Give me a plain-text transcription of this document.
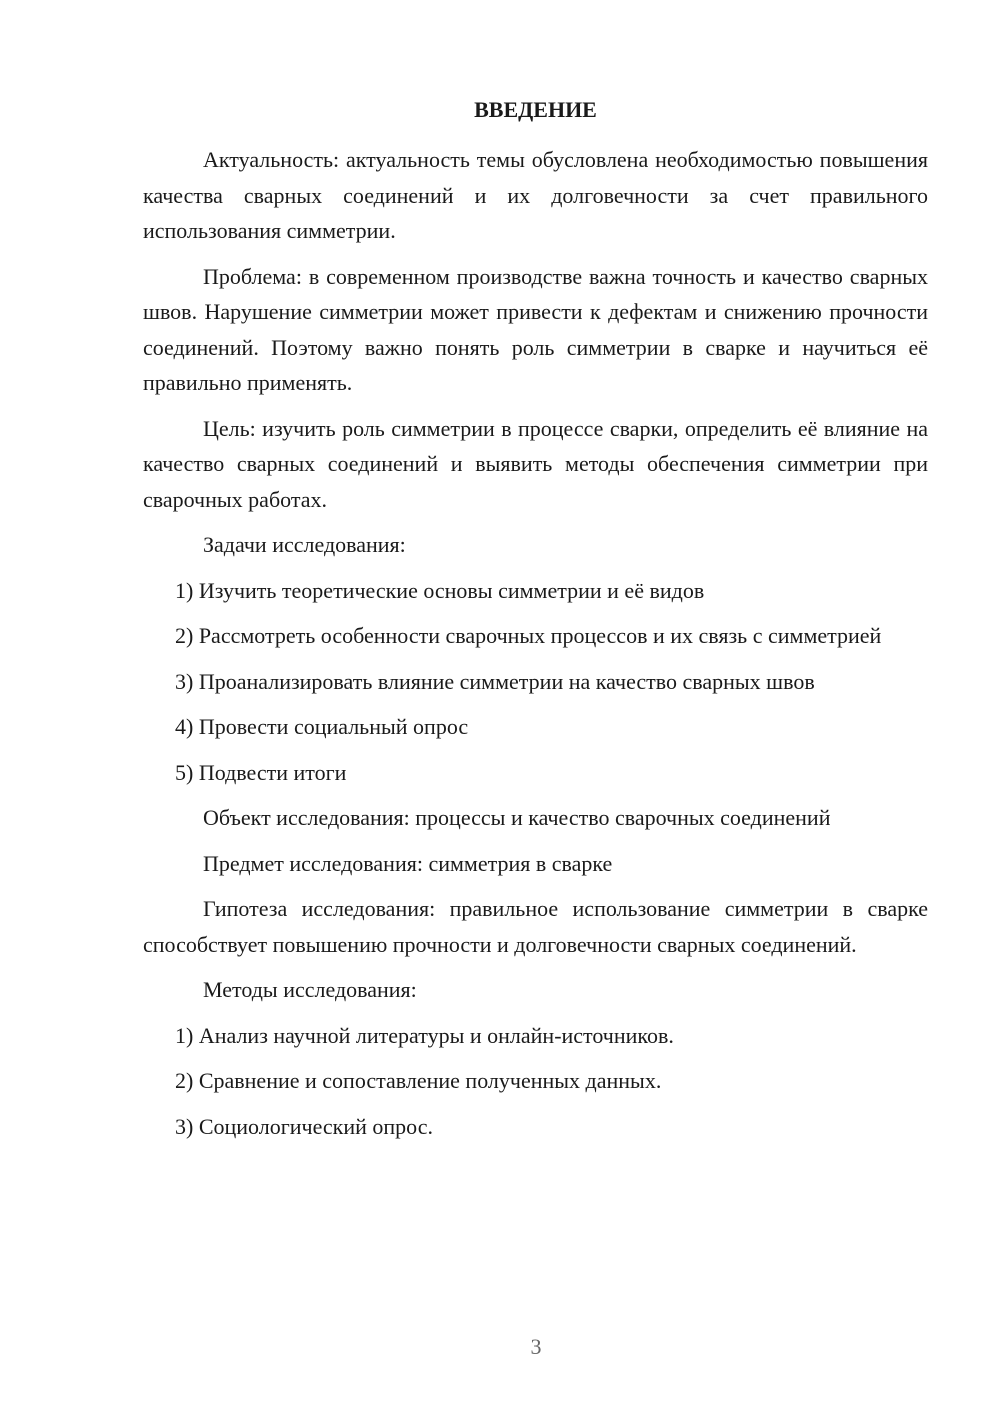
ВВЕДЕНИЕ

Актуальность: актуальность темы обусловлена необходимостью повышения качества сварных соединений и их долговечности за счет правильного использования симметрии.

Проблема: в современном производстве важна точность и качество сварных швов. Нарушение симметрии может привести к дефектам и снижению прочности соединений. Поэтому важно понять роль симметрии в сварке и научиться её правильно применять.

Цель: изучить роль симметрии в процессе сварки, определить её влияние на качество сварных соединений и выявить методы обеспечения симметрии при сварочных работах.

Задачи исследования:

1) Изучить теоретические основы симметрии и её видов

2) Рассмотреть особенности сварочных процессов и их связь с симметрией

3) Проанализировать влияние симметрии на качество сварных швов

4) Провести социальный опрос

5) Подвести итоги

Объект исследования: процессы и качество сварочных соединений

Предмет исследования: симметрия в сварке

Гипотеза исследования: правильное использование симметрии в сварке способствует повышению прочности и долговечности сварных соединений.

Методы исследования:

1) Анализ научной литературы и онлайн-источников.

2) Сравнение и сопоставление полученных данных.

3) Социологический опрос.

3
